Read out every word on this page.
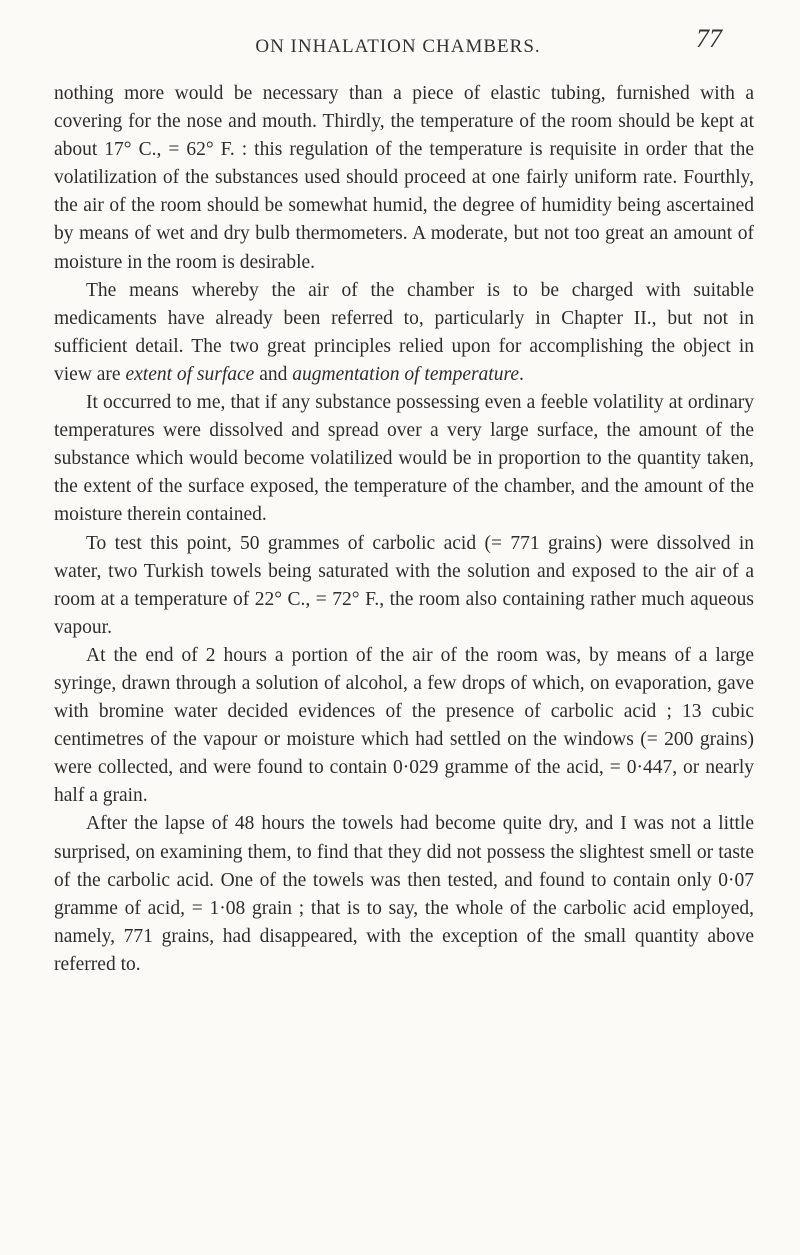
ON INHALATION CHAMBERS.	77

nothing more would be necessary than a piece of elastic tubing, furnished with a covering for the nose and mouth. Thirdly, the temperature of the room should be kept at about 17° C., = 62° F. : this regulation of the temperature is requisite in order that the volatilization of the substances used should proceed at one fairly uniform rate. Fourthly, the air of the room should be somewhat humid, the degree of humidity being ascertained by means of wet and dry bulb thermometers. A moderate, but not too great an amount of moisture in the room is desirable.

The means whereby the air of the chamber is to be charged with suitable medicaments have already been referred to, particularly in Chapter II., but not in sufficient detail. The two great principles relied upon for accomplishing the object in view are extent of surface and augmentation of temperature.

It occurred to me, that if any substance possessing even a feeble volatility at ordinary temperatures were dissolved and spread over a very large surface, the amount of the substance which would become volatilized would be in proportion to the quantity taken, the extent of the surface exposed, the temperature of the chamber, and the amount of the moisture therein contained.

To test this point, 50 grammes of carbolic acid (= 771 grains) were dissolved in water, two Turkish towels being saturated with the solution and exposed to the air of a room at a temperature of 22° C., = 72° F., the room also containing rather much aqueous vapour.

At the end of 2 hours a portion of the air of the room was, by means of a large syringe, drawn through a solution of alcohol, a few drops of which, on evaporation, gave with bromine water decided evidences of the presence of carbolic acid ; 13 cubic centimetres of the vapour or moisture which had settled on the windows (= 200 grains) were collected, and were found to contain 0·029 gramme of the acid, = 0·447, or nearly half a grain.

After the lapse of 48 hours the towels had become quite dry, and I was not a little surprised, on examining them, to find that they did not possess the slightest smell or taste of the carbolic acid. One of the towels was then tested, and found to contain only 0·07 gramme of acid, = 1·08 grain ; that is to say, the whole of the carbolic acid employed, namely, 771 grains, had disappeared, with the exception of the small quantity above referred to.
